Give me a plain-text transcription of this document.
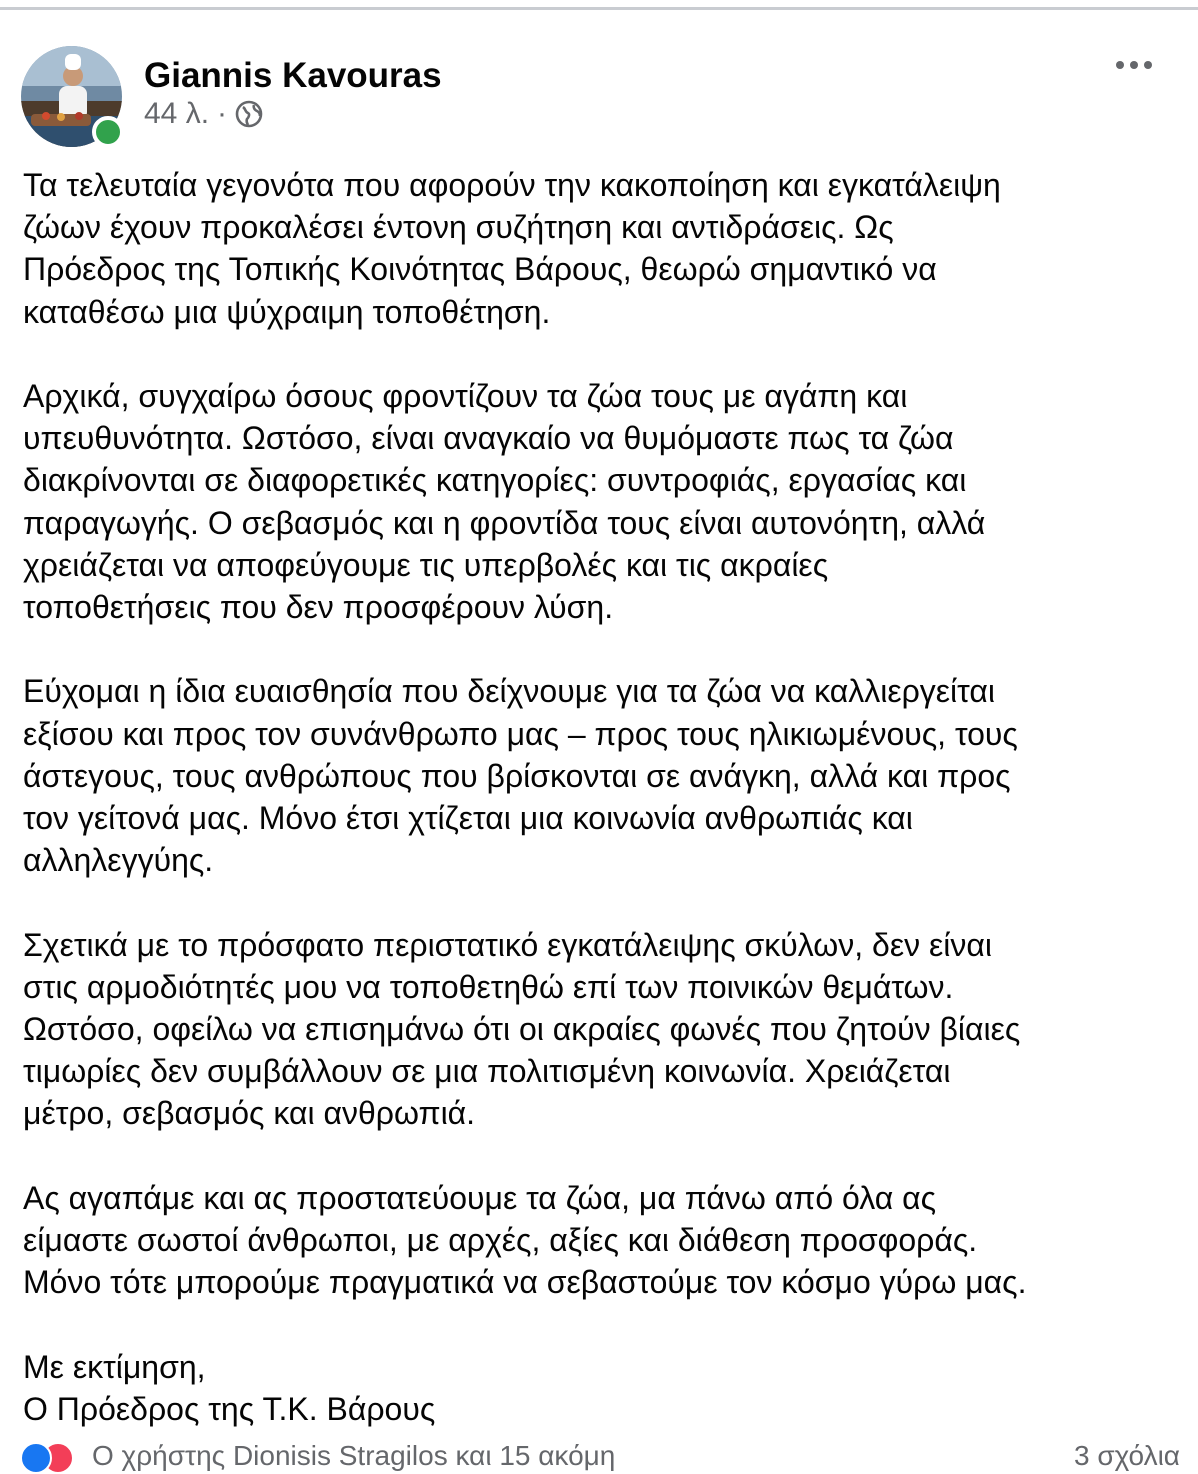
Giannis Kavouras
44 λ. ·

Τα τελευταία γεγονότα που αφορούν την κακοποίηση και εγκατάλειψη
ζώων έχουν προκαλέσει έντονη συζήτηση και αντιδράσεις. Ως
Πρόεδρος της Τοπικής Κοινότητας Βάρους, θεωρώ σημαντικό να
καταθέσω μια ψύχραιμη τοποθέτηση.

Αρχικά, συγχαίρω όσους φροντίζουν τα ζώα τους με αγάπη και
υπευθυνότητα. Ωστόσο, είναι αναγκαίο να θυμόμαστε πως τα ζώα
διακρίνονται σε διαφορετικές κατηγορίες: συντροφιάς, εργασίας και
παραγωγής. Ο σεβασμός και η φροντίδα τους είναι αυτονόητη, αλλά
χρειάζεται να αποφεύγουμε τις υπερβολές και τις ακραίες
τοποθετήσεις που δεν προσφέρουν λύση.

Εύχομαι η ίδια ευαισθησία που δείχνουμε για τα ζώα να καλλιεργείται
εξίσου και προς τον συνάνθρωπο μας – προς τους ηλικιωμένους, τους
άστεγους, τους ανθρώπους που βρίσκονται σε ανάγκη, αλλά και προς
τον γείτονά μας. Μόνο έτσι χτίζεται μια κοινωνία ανθρωπιάς και
αλληλεγγύης.

Σχετικά με το πρόσφατο περιστατικό εγκατάλειψης σκύλων, δεν είναι
στις αρμοδιότητές μου να τοποθετηθώ επί των ποινικών θεμάτων.
Ωστόσο, οφείλω να επισημάνω ότι οι ακραίες φωνές που ζητούν βίαιες
τιμωρίες δεν συμβάλλουν σε μια πολιτισμένη κοινωνία. Χρειάζεται
μέτρο, σεβασμός και ανθρωπιά.

Ας αγαπάμε και ας προστατεύουμε τα ζώα, μα πάνω από όλα ας
είμαστε σωστοί άνθρωποι, με αρχές, αξίες και διάθεση προσφοράς.
Μόνο τότε μπορούμε πραγματικά να σεβαστούμε τον κόσμο γύρω μας.

Με εκτίμηση,
Ο Πρόεδρος της Τ.Κ. Βάρους

Ο χρήστης Dionisis Stragilos και 15 ακόμη	3 σχόλια
